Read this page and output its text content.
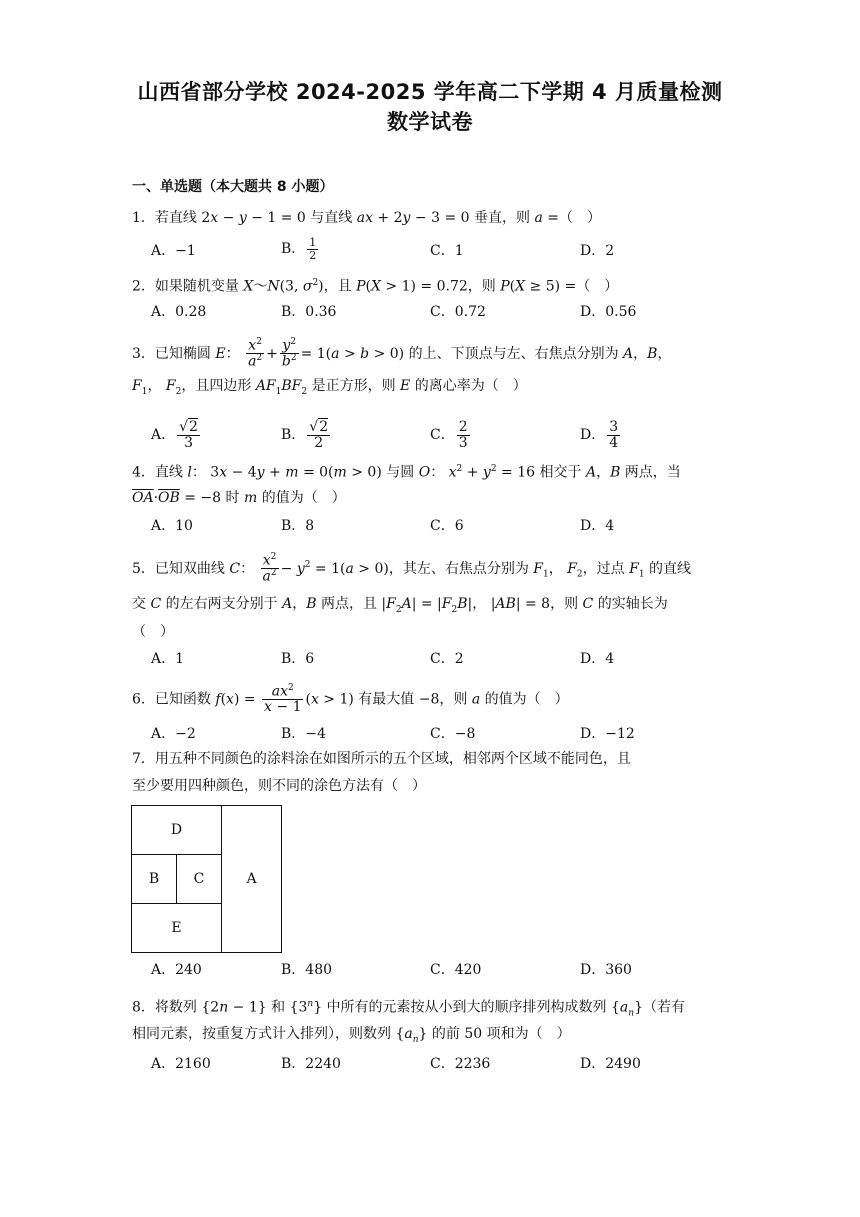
山西省部分学校 2024-2025 学年高二下学期 4 月质量检测
数学试卷
一、单选题（本大题共 8 小题）
1．若直线 2x − y − 1 = 0 与直线 ax + 2y − 3 = 0 垂直，则 a =（　）
A．−1	B． $\frac{1}{2}$	C．1	D．2
2．如果随机变量 X～N(3, $\sigma^2$)，且 P(X > 1) = 0.72，则 P(X ≥ 5) =（　）
A．0.28	B．0.36	C．0.72	D．0.56
3．已知椭圆 E： $\frac{x^2}{a^2} + \frac{y^2}{b^2} = 1(a > b > 0)$ 的上、下顶点与左、右焦点分别为 A，B，
$F_1$， $F_2$，且四边形 $AF_1BF_2$ 是正方形，则 E 的离心率为（　）
A． $\frac{√2}{3}$	B． $\frac{√2}{2}$	C． $\frac{2}{3}$	D． $\frac{3}{4}$
4．直线 l： 3x − 4y + m = 0(m > 0) 与圆 O： $x^2 + y^2 = 16$ 相交于 A，B 两点，当
$\overline{OA}\cdot\overline{OB} = -8$ 时 m 的值为（　）
A．10	B．8	C．6	D．4
5．已知双曲线 C： $\frac{x^2}{a^2} - y^2 = 1(a > 0)$，其左、右焦点分别为 $F_1$， $F_2$，过点 $F_1$ 的直线
交 C 的左右两支分别于 A，B 两点，且 $|F_2A| = |F_2B|$， |AB| = 8，则 C 的实轴长为
（　）
A．1	B．6	C．2	D．4
6．已知函数 $f(x) = \frac{ax^2}{x - 1} (x > 1)$ 有最大值 −8，则 a 的值为（　）
A．−2	B．−4	C．−8	D．−12
7．用五种不同颜色的涂料涂在如图所示的五个区域，相邻两个区域不能同色，且
至少要用四种颜色，则不同的涂色方法有（　）
D
B	C
E
A
A．240	B．480	C．420	D．360
8．将数列 {2n − 1} 和 {3$^n$} 中所有的元素按从小到大的顺序排列构成数列 $\{a_n\}$（若有
相同元素，按重复方式计入排列），则数列 $\{a_n\}$ 的前 50 项和为（　）
A．2160	B．2240	C．2236	D．2490
